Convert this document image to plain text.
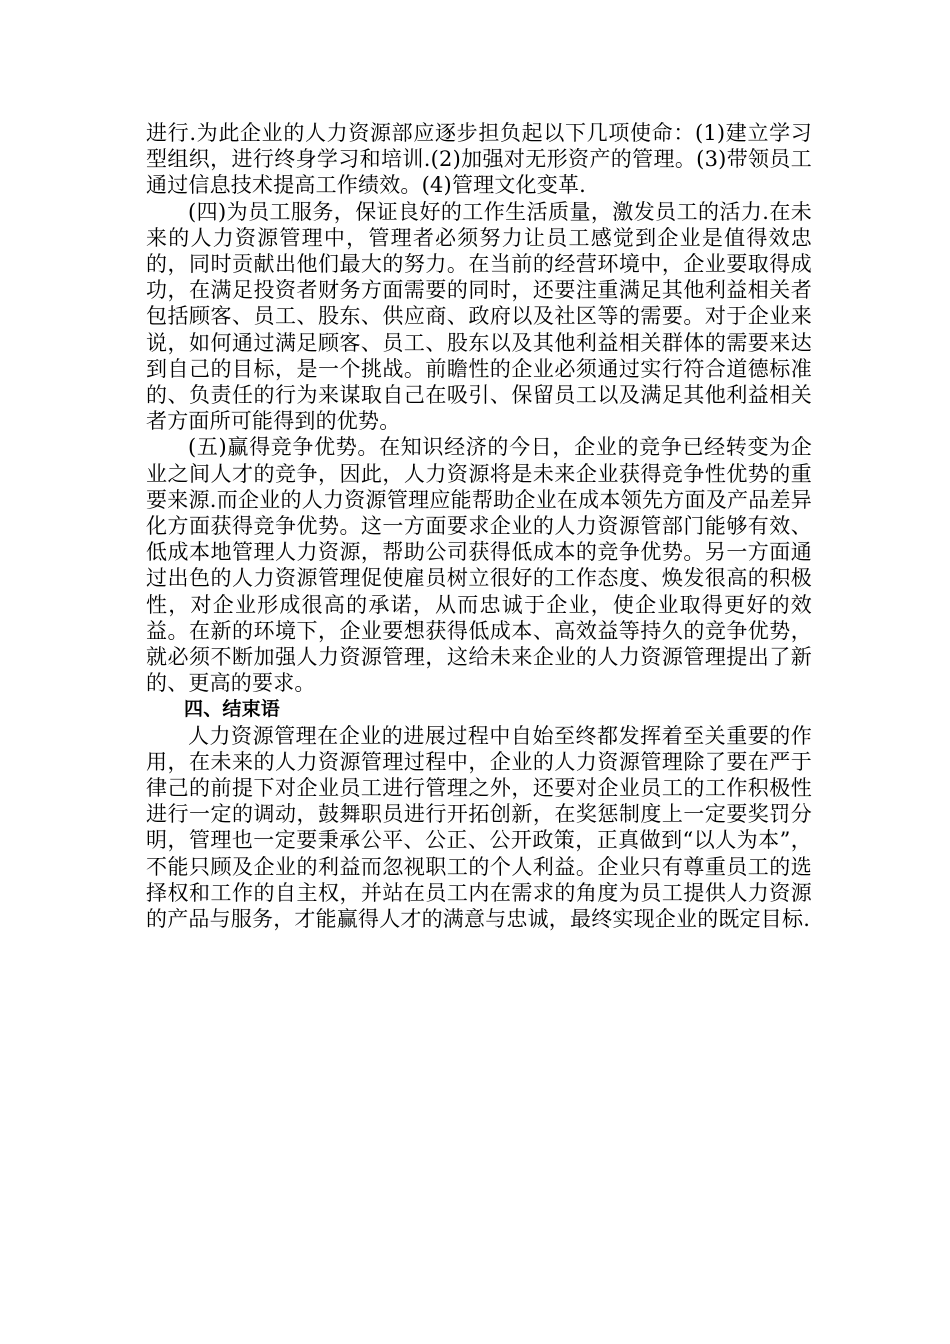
进行.为此企业的人力资源部应逐步担负起以下几项使命：(1)建立学习型组织，进行终身学习和培训.(2)加强对无形资产的管理。(3)带领员工通过信息技术提高工作绩效。(4)管理文化变革.

(四)为员工服务，保证良好的工作生活质量，激发员工的活力.在未来的人力资源管理中，管理者必须努力让员工感觉到企业是值得效忠的，同时贡献出他们最大的努力。在当前的经营环境中，企业要取得成功，在满足投资者财务方面需要的同时，还要注重满足其他利益相关者包括顾客、员工、股东、供应商、政府以及社区等的需要。对于企业来说，如何通过满足顾客、员工、股东以及其他利益相关群体的需要来达到自己的目标，是一个挑战。前瞻性的企业必须通过实行符合道德标准的、负责任的行为来谋取自己在吸引、保留员工以及满足其他利益相关者方面所可能得到的优势。

(五)赢得竞争优势。在知识经济的今日，企业的竞争已经转变为企业之间人才的竞争，因此，人力资源将是未来企业获得竞争性优势的重要来源.而企业的人力资源管理应能帮助企业在成本领先方面及产品差异化方面获得竞争优势。这一方面要求企业的人力资源管部门能够有效、低成本地管理人力资源，帮助公司获得低成本的竞争优势。另一方面通过出色的人力资源管理促使雇员树立很好的工作态度、焕发很高的积极性，对企业形成很高的承诺，从而忠诚于企业，使企业取得更好的效益。在新的环境下，企业要想获得低成本、高效益等持久的竞争优势，就必须不断加强人力资源管理，这给未来企业的人力资源管理提出了新的、更高的要求。

四、结束语

人力资源管理在企业的进展过程中自始至终都发挥着至关重要的作用，在未来的人力资源管理过程中，企业的人力资源管理除了要在严于律己的前提下对企业员工进行管理之外，还要对企业员工的工作积极性进行一定的调动，鼓舞职员进行开拓创新，在奖惩制度上一定要奖罚分明，管理也一定要秉承公平、公正、公开政策，正真做到“以人为本”，不能只顾及企业的利益而忽视职工的个人利益。企业只有尊重员工的选择权和工作的自主权，并站在员工内在需求的角度为员工提供人力资源的产品与服务，才能赢得人才的满意与忠诚，最终实现企业的既定目标.
